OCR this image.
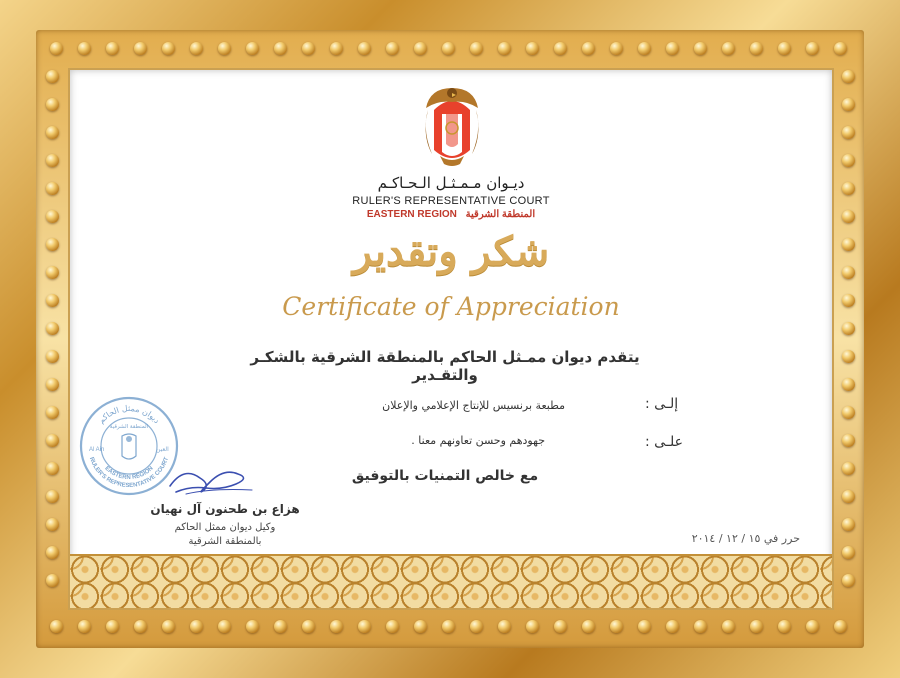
ديـوان مـمـثـل الـحـاكـم
RULER'S REPRESENTATIVE COURT
EASTERN REGION المنطقة الشرقية
شكر وتقدير
Certificate of Appreciation
يتقدم ديوان ممـثل الحاكم بالمنطقة الشرقية بالشكـر والتقـدير
إلـى :
مطبعة برنسيس للإنتاج الإعلامي والإعلان
علـى :
جهودهم وحسن تعاونهم معنا .
مع خالص التمنيات بالتوفيق
ديوان ممثل الحاكم
المنطقة الشرقية
Al Ain	العين
EASTERN REGION
RULER'S REPRESENTATIVE COURT
هزاع بن طحنون آل نهيان
وكيل ديوان ممثل الحاكم
بالمنطقة الشرقية	حرر في ١٥ / ١٢ / ٢٠١٤
